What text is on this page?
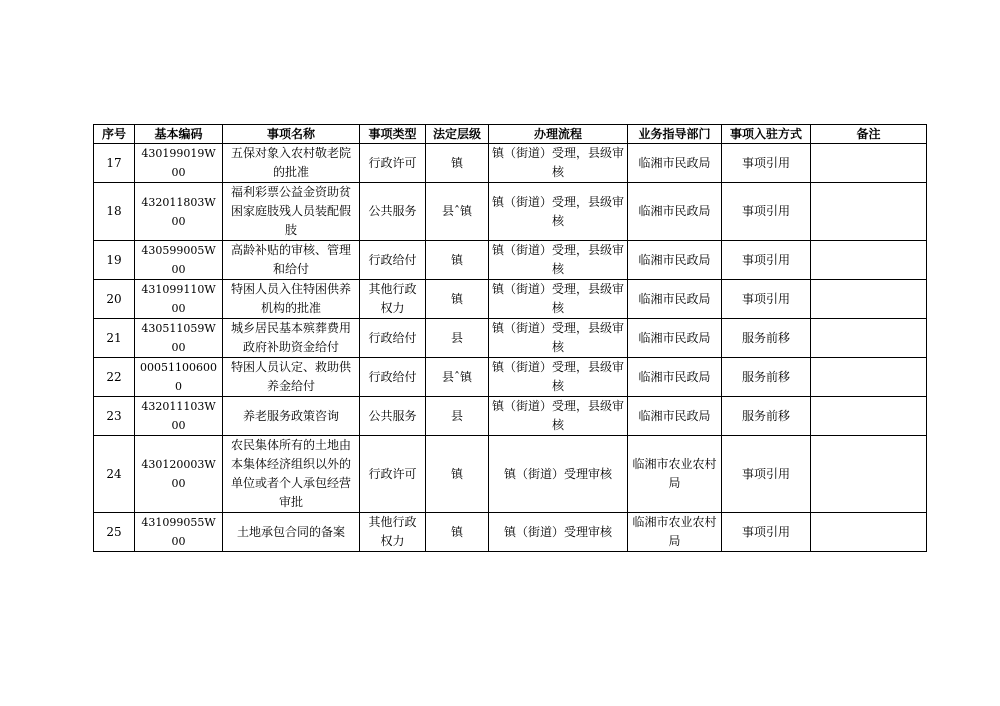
序号	基本编码	事项名称	事项类型	法定层级	办理流程	业务指导部门	事项入驻方式	备注
17	430199019W00	五保对象入农村敬老院的批准	行政许可	镇	镇（街道）受理，县级审核	临湘市民政局	事项引用	
18	432011803W00	福利彩票公益金资助贫困家庭肢残人员装配假肢	公共服务	县ˆ镇	镇（街道）受理，县级审核	临湘市民政局	事项引用	
19	430599005W00	高龄补贴的审核、管理和给付	行政给付	镇	镇（街道）受理，县级审核	临湘市民政局	事项引用	
20	431099110W00	特困人员入住特困供养机构的批准	其他行政权力	镇	镇（街道）受理，县级审核	临湘市民政局	事项引用	
21	430511059W00	城乡居民基本殡葬费用政府补助资金给付	行政给付	县	镇（街道）受理，县级审核	临湘市民政局	服务前移	
22	000511006000	特困人员认定、救助供养金给付	行政给付	县ˆ镇	镇（街道）受理，县级审核	临湘市民政局	服务前移	
23	432011103W00	养老服务政策咨询	公共服务	县	镇（街道）受理，县级审核	临湘市民政局	服务前移	
24	430120003W00	农民集体所有的土地由本集体经济组织以外的单位或者个人承包经营审批	行政许可	镇	镇（街道）受理审核	临湘市农业农村局	事项引用	
25	431099055W00	土地承包合同的备案	其他行政权力	镇	镇（街道）受理审核	临湘市农业农村局	事项引用	
